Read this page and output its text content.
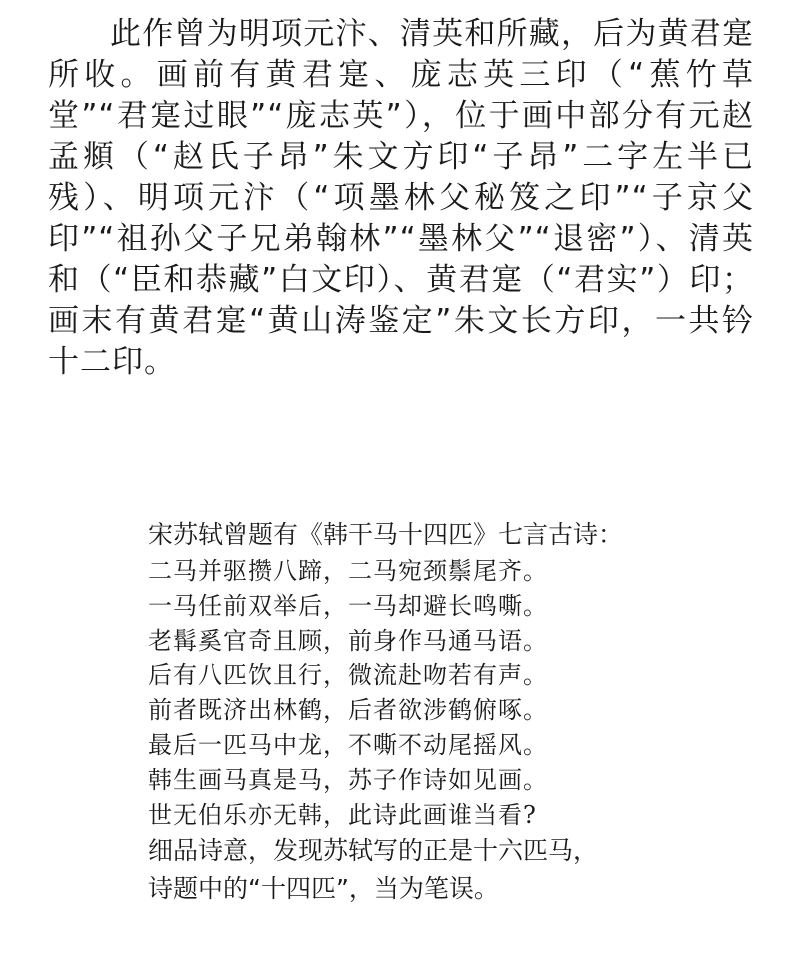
此作曾为明项元汴、清英和所藏，后为黄君寔所收。画前有黄君寔、庞志英三印（“蕉竹草堂”“君寔过眼”“庞志英”），位于画中部分有元赵孟頫（“赵氏子昂”朱文方印“子昂”二字左半已残）、明项元汴（“项墨林父秘笈之印”“子京父印”“祖孙父子兄弟翰林”“墨林父”“退密”）、清英和（“臣和恭藏”白文印）、黄君寔（“君实”）印；画末有黄君寔“黄山涛鉴定”朱文长方印，一共钤十二印。

宋苏轼曾题有《韩干马十四匹》七言古诗：

二马并驱攒八蹄，二马宛颈鬃尾齐。
一马任前双举后，一马却避长鸣嘶。
老髯奚官奇且顾，前身作马通马语。
后有八匹饮且行，微流赴吻若有声。
前者既济出林鹤，后者欲涉鹤俯啄。
最后一匹马中龙，不嘶不动尾摇风。
韩生画马真是马，苏子作诗如见画。
世无伯乐亦无韩，此诗此画谁当看?

细品诗意，发现苏轼写的正是十六匹马，

诗题中的“十四匹”，当为笔误。
